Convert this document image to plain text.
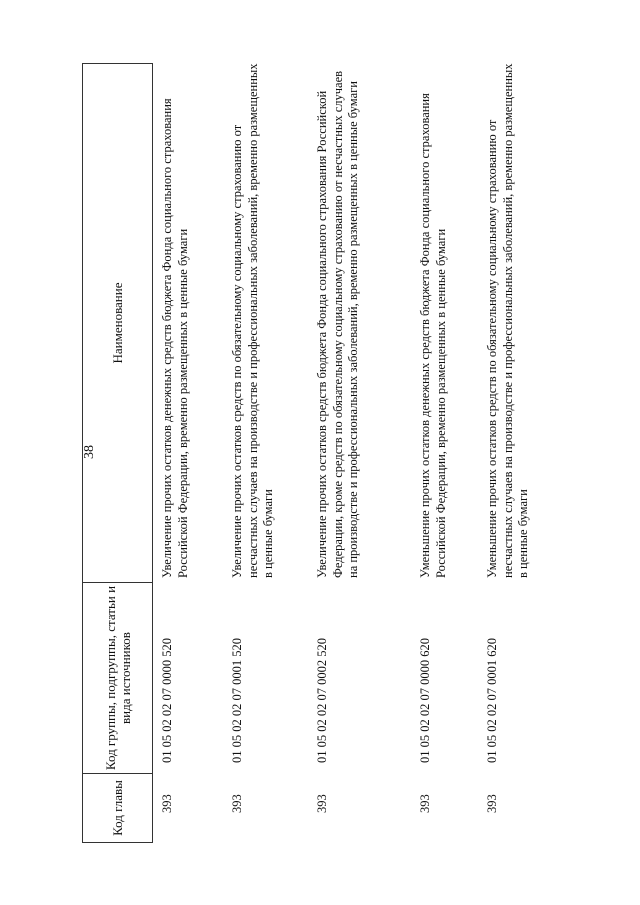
38
Код главы
Код группы, подгруппы, статьи и вида источников
Наименование
393
01 05 02 02 07 0000 520
Увеличение прочих остатков денежных средств бюджета Фонда социального страхования Российской Федерации, временно размещенных в ценные бумаги
393
01 05 02 02 07 0001 520
Увеличение прочих остатков средств по обязательному социальному страхованию от несчастных случаев на производстве и профессиональных заболеваний, временно размещенных в ценные бумаги
393
01 05 02 02 07 0002 520
Увеличение прочих остатков средств бюджета Фонда социального страхования Российской Федерации, кроме средств по обязательному социальному страхованию от несчастных случаев на производстве и профессиональных заболеваний, временно размещенных в ценные бумаги
393
01 05 02 02 07 0000 620
Уменьшение прочих остатков денежных средств бюджета Фонда социального страхования Российской Федерации, временно размещенных в ценные бумаги
393
01 05 02 02 07 0001 620
Уменьшение прочих остатков средств по обязательному социальному страхованию от несчастных случаев на производстве и профессиональных заболеваний, временно размещенных в ценные бумаги
